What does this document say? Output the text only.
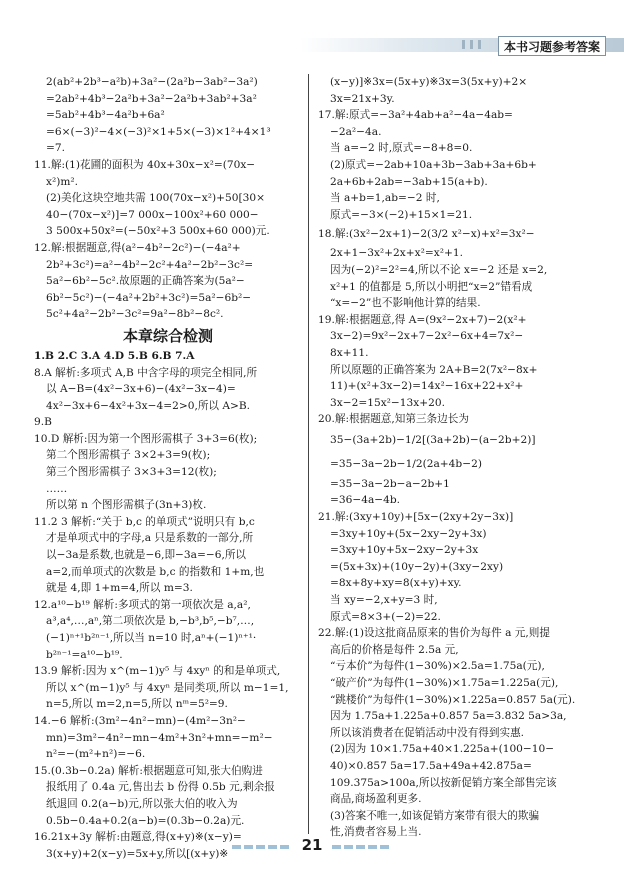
本书习题参考答案
2(ab²+2b³−a²b)+3a²−(2a²b−3ab²−3a²)
=2ab²+4b³−2a²b+3a²−2a²b+3ab²+3a²
=5ab²+4b³−4a²b+6a²
=6×(−3)²−4×(−3)²×1+5×(−3)×1²+4×1³
=7.
11.解:(1)花圃的面积为 40x+30x−x²=(70x−
x²)m².
(2)美化这块空地共需 100(70x−x²)+50[30×
40−(70x−x²)]=7 000x−100x²+60 000−
3 500x+50x²=(−50x²+3 500x+60 000)元.
12.解:根据题意,得(a²−4b²−2c²)−(−4a²+
2b²+3c²)=a²−4b²−2c²+4a²−2b²−3c²=
5a²−6b²−5c².故原题的正确答案为(5a²−
6b²−5c²)−(−4a²+2b²+3c²)=5a²−6b²−
5c²+4a²−2b²−3c²=9a²−8b²−8c².
本章综合检测
1.B 2.C 3.A 4.D 5.B 6.B 7.A
8.A 解析:多项式 A,B 中含字母的项完全相同,所
以 A−B=(4x²−3x+6)−(4x²−3x−4)=
4x²−3x+6−4x²+3x−4=2>0,所以 A>B.
9.B
10.D 解析:因为第一个图形需棋子 3+3=6(枚);
第二个图形需棋子 3×2+3=9(枚);
第三个图形需棋子 3×3+3=12(枚);
……
所以第 n 个图形需棋子(3n+3)枚.
11.2 3 解析:“关于 b,c 的单项式”说明只有 b,c
才是单项式中的字母,a 只是系数的一部分,所
以−3a是系数,也就是−6,即−3a=−6,所以
a=2,而单项式的次数是 b,c 的指数和 1+m,也
就是 4,即 1+m=4,所以 m=3.
12.a¹⁰−b¹⁹ 解析:多项式的第一项依次是 a,a²,
a³,a⁴,…,aⁿ,第二项依次是 b,−b³,b⁵,−b⁷,…,
(−1)ⁿ⁺¹b²ⁿ⁻¹,所以当 n=10 时,aⁿ+(−1)ⁿ⁺¹·
b²ⁿ⁻¹=a¹⁰−b¹⁹.
13.9 解析:因为 x^(m−1)y⁵ 与 4xyⁿ 的和是单项式,
所以 x^(m−1)y⁵ 与 4xyⁿ 是同类项,所以 m−1=1,
n=5,所以 m=2,n=5,所以 nᵐ=5²=9.
14.−6 解析:(3m²−4n²−mn)−(4m²−3n²−
mn)=3m²−4n²−mn−4m²+3n²+mn=−m²−
n²=−(m²+n²)=−6.
15.(0.3b−0.2a) 解析:根据题意可知,张大伯购进
报纸用了 0.4a 元,售出去 b 份得 0.5b 元,剩余报
纸退回 0.2(a−b)元,所以张大伯的收入为
0.5b−0.4a+0.2(a−b)=(0.3b−0.2a)元.
16.21x+3y 解析:由题意,得(x+y)※(x−y)=
3(x+y)+2(x−y)=5x+y,所以[(x+y)※
(x−y)]※3x=(5x+y)※3x=3(5x+y)+2×
3x=21x+3y.
17.解:原式=−3a²+4ab+a²−4a−4ab=
−2a²−4a.
当 a=−2 时,原式=−8+8=0.
(2)原式=−2ab+10a+3b−3ab+3a+6b+
2a+6b+2ab=−3ab+15(a+b).
当 a+b=1,ab=−2 时,
原式=−3×(−2)+15×1=21.
18.解:(3x²−2x+1)−2(3/2 x²−x)+x²=3x²−
2x+1−3x²+2x+x²=x²+1.
因为(−2)²=2²=4,所以不论 x=−2 还是 x=2,
x²+1 的值都是 5,所以小明把“x=2”错看成
“x=−2”也不影响他计算的结果.
19.解:根据题意,得 A=(9x²−2x+7)−2(x²+
3x−2)=9x²−2x+7−2x²−6x+4=7x²−
8x+11.
所以原题的正确答案为 2A+B=2(7x²−8x+
11)+(x²+3x−2)=14x²−16x+22+x²+
3x−2=15x²−13x+20.
20.解:根据题意,知第三条边长为
35−(3a+2b)−1/2[(3a+2b)−(a−2b+2)]
=35−3a−2b−1/2(2a+4b−2)
=35−3a−2b−a−2b+1
=36−4a−4b.
21.解:(3xy+10y)+[5x−(2xy+2y−3x)]
=3xy+10y+(5x−2xy−2y+3x)
=3xy+10y+5x−2xy−2y+3x
=(5x+3x)+(10y−2y)+(3xy−2xy)
=8x+8y+xy=8(x+y)+xy.
当 xy=−2,x+y=3 时,
原式=8×3+(−2)=22.
22.解:(1)设这批商品原来的售价为每件 a 元,则提
高后的价格是每件 2.5a 元,
“亏本价”为每件(1−30%)×2.5a=1.75a(元),
“破产价”为每件(1−30%)×1.75a=1.225a(元),
“跳楼价”为每件(1−30%)×1.225a=0.857 5a(元).
因为 1.75a+1.225a+0.857 5a=3.832 5a>3a,
所以该消费者在促销活动中没有得到实惠.
(2)因为 10×1.75a+40×1.225a+(100−10−
40)×0.857 5a=17.5a+49a+42.875a=
109.375a>100a,所以按新促销方案全部售完该
商品,商场盈利更多.
(3)答案不唯一,如该促销方案带有很大的欺骗
性,消费者容易上当.
21
